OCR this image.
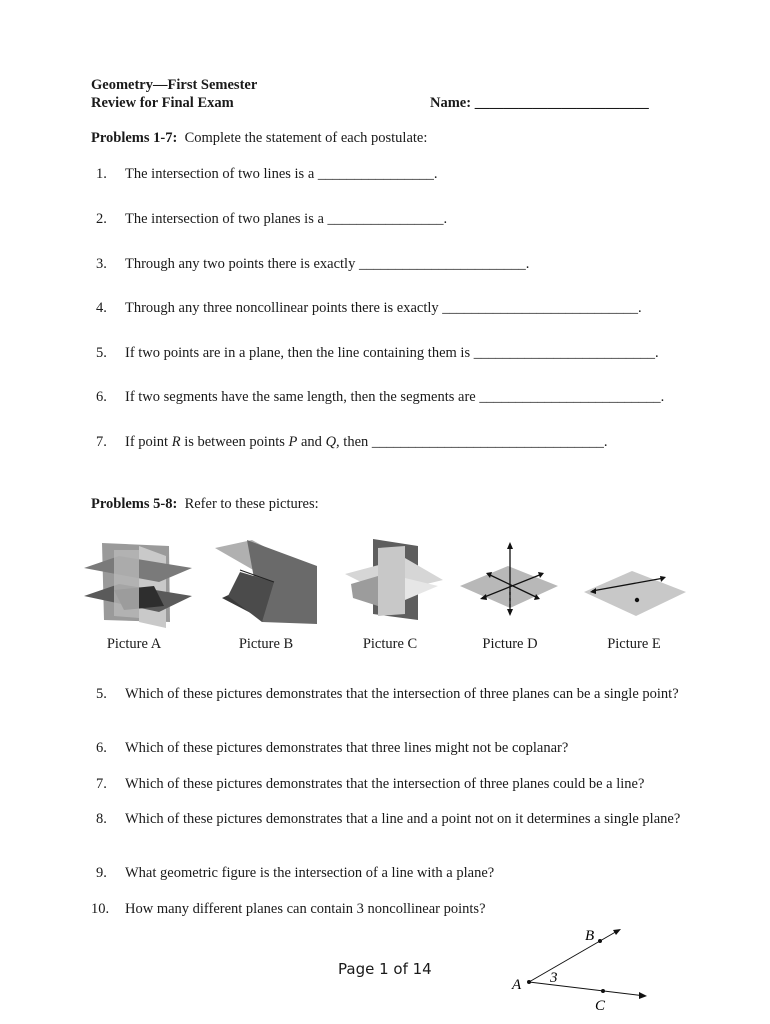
Geometry—First Semester
Review for Final Exam	Name: ________________________
Problems 1-7: Complete the statement of each postulate:
1. The intersection of two lines is a ________________.
2. The intersection of two planes is a ________________.
3. Through any two points there is exactly _______________________.
4. Through any three noncollinear points there is exactly ___________________________.
5. If two points are in a plane, then the line containing them is _________________________.
6. If two segments have the same length, then the segments are _________________________.
7. If point R is between points P and Q, then ________________________________.
Problems 5-8: Refer to these pictures:
Picture A	Picture B	Picture C	Picture D	Picture E
5. Which of these pictures demonstrates that the intersection of three planes can be a single point?
6. Which of these pictures demonstrates that three lines might not be coplanar?
7. Which of these pictures demonstrates that the intersection of three planes could be a line?
8. Which of these pictures demonstrates that a line and a point not on it determines a single plane?
9. What geometric figure is the intersection of a line with a plane?
10. How many different planes can contain 3 noncollinear points?
B
A 3
C
Page 1 of 14
